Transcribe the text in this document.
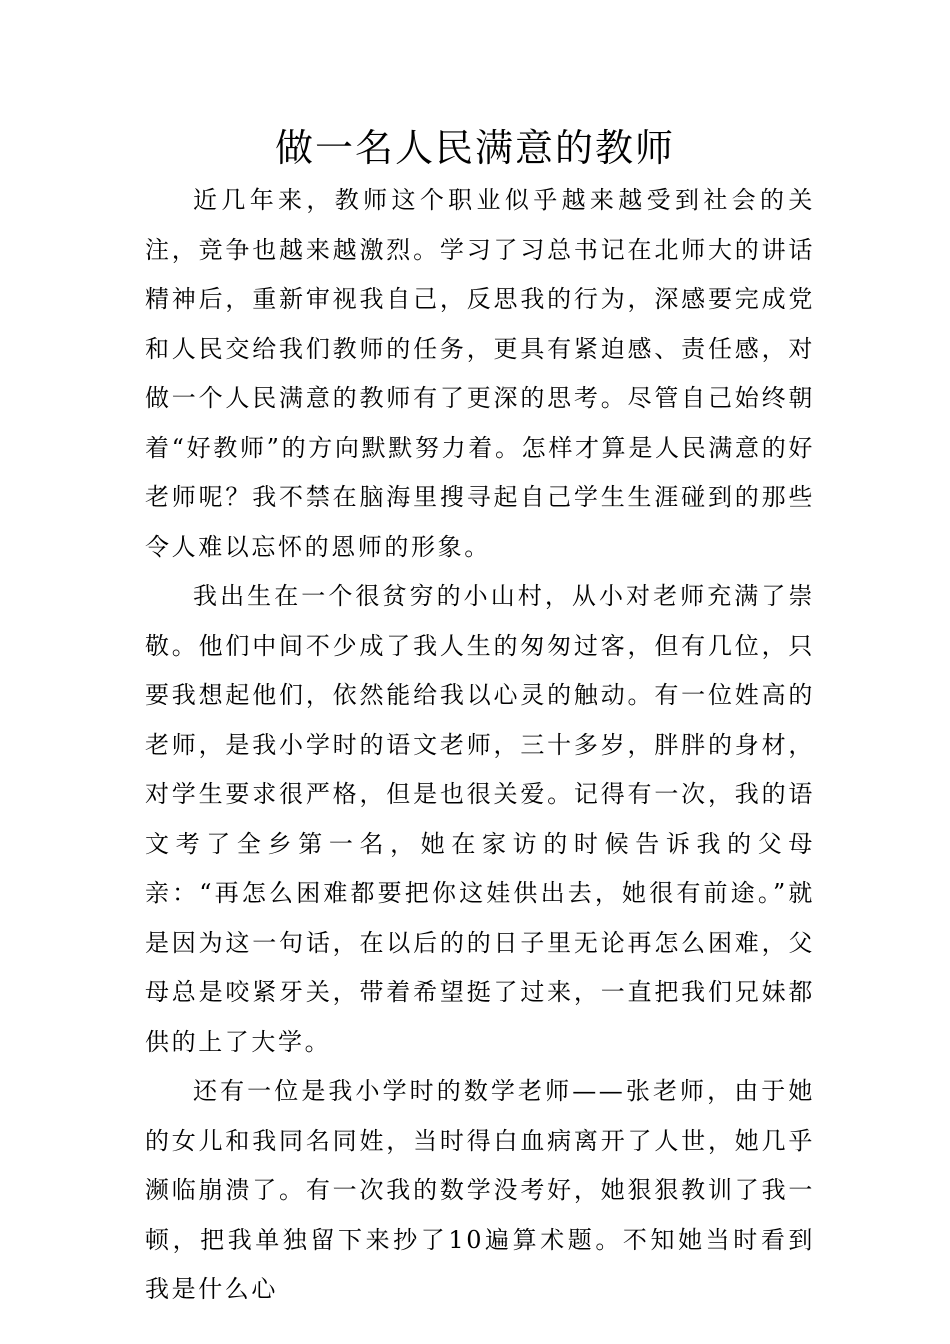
做一名人民满意的教师

近几年来，教师这个职业似乎越来越受到社会的关注，竞争也越来越激烈。学习了习总书记在北师大的讲话精神后，重新审视我自己，反思我的行为，深感要完成党和人民交给我们教师的任务，更具有紧迫感、责任感，对做一个人民满意的教师有了更深的思考。尽管自己始终朝着“好教师”的方向默默努力着。怎样才算是人民满意的好老师呢？我不禁在脑海里搜寻起自己学生生涯碰到的那些令人难以忘怀的恩师的形象。

我出生在一个很贫穷的小山村，从小对老师充满了崇敬。他们中间不少成了我人生的匆匆过客，但有几位，只要我想起他们，依然能给我以心灵的触动。有一位姓高的老师，是我小学时的语文老师，三十多岁，胖胖的身材，对学生要求很严格，但是也很关爱。记得有一次，我的语文考了全乡第一名，她在家访的时候告诉我的父母亲：“再怎么困难都要把你这娃供出去，她很有前途。”就是因为这一句话，在以后的的日子里无论再怎么困难，父母总是咬紧牙关，带着希望挺了过来，一直把我们兄妹都供的上了大学。

还有一位是我小学时的数学老师——张老师，由于她的女儿和我同名同姓，当时得白血病离开了人世，她几乎濒临崩溃了。有一次我的数学没考好，她狠狠教训了我一顿，把我单独留下来抄了10遍算术题。不知她当时看到我是什么心
